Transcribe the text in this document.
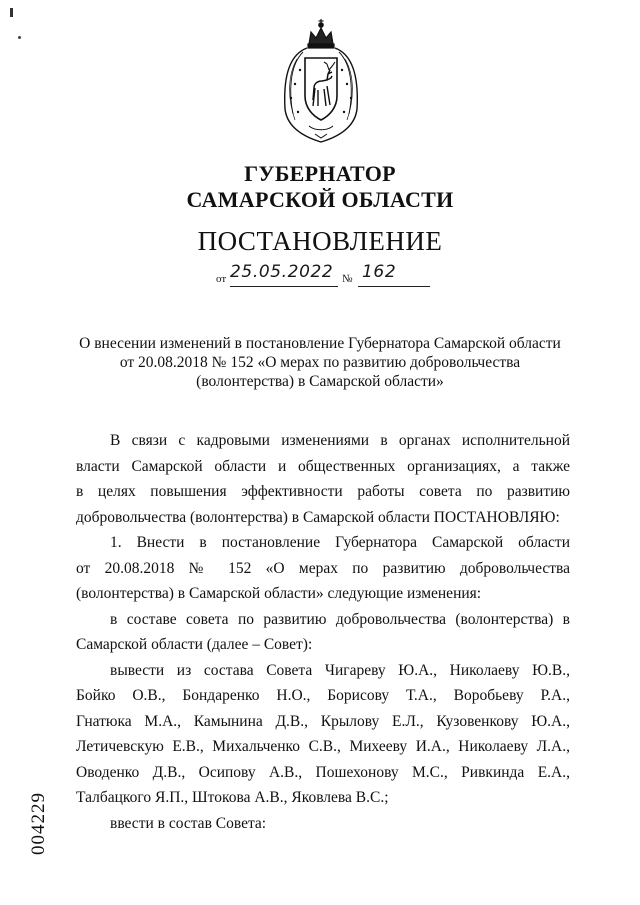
ГУБЕРНАТОР
САМАРСКОЙ ОБЛАСТИ
ПОСТАНОВЛЕНИЕ
от 25.05.2022 № 162
О внесении изменений в постановление Губернатора Самарской области
от 20.08.2018 № 152 «О мерах по развитию добровольчества
(волонтерства) в Самарской области»
В связи с кадровыми изменениями в органах исполнительной
власти Самарской области и общественных организациях, а также
в целях повышения эффективности работы совета по развитию
добровольчества (волонтерства) в Самарской области ПОСТАНОВЛЯЮ:
1. Внести в постановление Губернатора Самарской области
от 20.08.2018 № 152 «О мерах по развитию добровольчества
(волонтерства) в Самарской области» следующие изменения:
в составе совета по развитию добровольчества (волонтерства) в
Самарской области (далее – Совет):
вывести из состава Совета Чигареву Ю.А., Николаеву Ю.В.,
Бойко О.В., Бондаренко Н.О., Борисову Т.А., Воробьеву Р.А.,
Гнатюка М.А., Камынина Д.В., Крылову Е.Л., Кузовенкову Ю.А.,
Летичевскую Е.В., Михальченко С.В., Михееву И.А., Николаеву Л.А.,
Оводенко Д.В., Осипову А.В., Пошехонову М.С., Ривкинда Е.А.,
Талбацкого Я.П., Штокова А.В., Яковлева В.С.;
ввести в состав Совета:
004229
